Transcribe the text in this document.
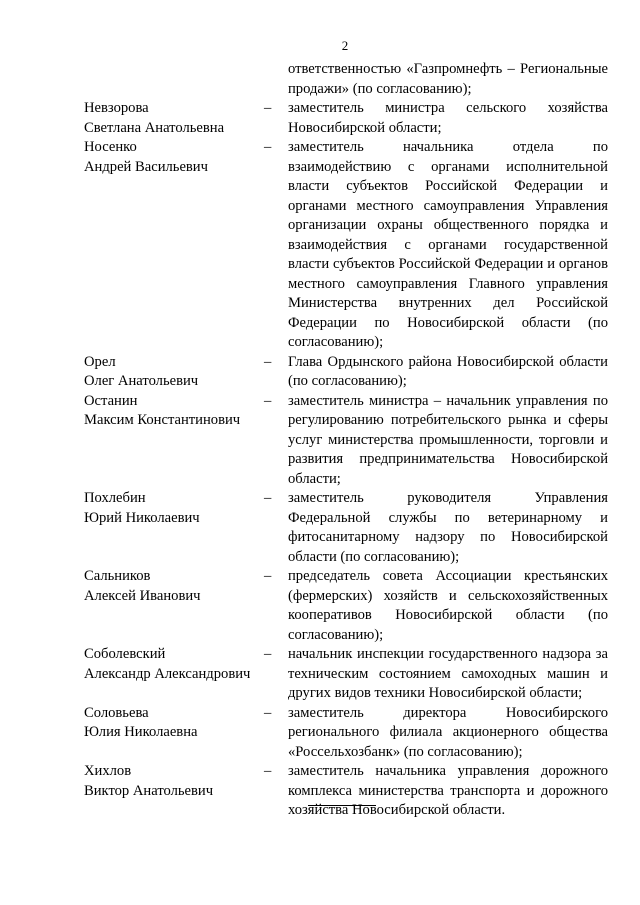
2
ответственностью «Газпромнефть – Региональные продажи» (по согласованию);
Невзорова
Светлана Анатольевна
–	заместитель министра сельского хозяйства Новосибирской области;
Носенко
Андрей Васильевич
–	заместитель начальника отдела по взаимодействию с органами исполнительной власти субъектов Российской Федерации и органами местного самоуправления Управления организации охраны общественного порядка и взаимодействия с органами государственной власти субъектов Российской Федерации и органов местного самоуправления Главного управления Министерства внутренних дел Российской Федерации по Новосибирской области (по согласованию);
Орел
Олег Анатольевич
–	Глава Ордынского района Новосибирской области (по согласованию);
Останин
Максим Константинович
–	заместитель министра – начальник управления по регулированию потребительского рынка и сферы услуг министерства промышленности, торговли и развития предпринимательства Новосибирской области;
Похлебин
Юрий Николаевич
–	заместитель руководителя Управления Федеральной службы по ветеринарному и фитосанитарному надзору по Новосибирской области (по согласованию);
Сальников
Алексей Иванович
–	председатель совета Ассоциации крестьянских (фермерских) хозяйств и сельскохозяйственных кооперативов Новосибирской области (по согласованию);
Соболевский
Александр Александрович
–	начальник инспекции государственного надзора за техническим состоянием самоходных машин и других видов техники Новосибирской области;
Соловьева
Юлия Николаевна
–	заместитель директора Новосибирского регионального филиала акционерного общества «Россельхозбанк» (по согласованию);
Хихлов
Виктор Анатольевич
–	заместитель начальника управления дорожного комплекса министерства транспорта и дорожного хозяйства Новосибирской области.
